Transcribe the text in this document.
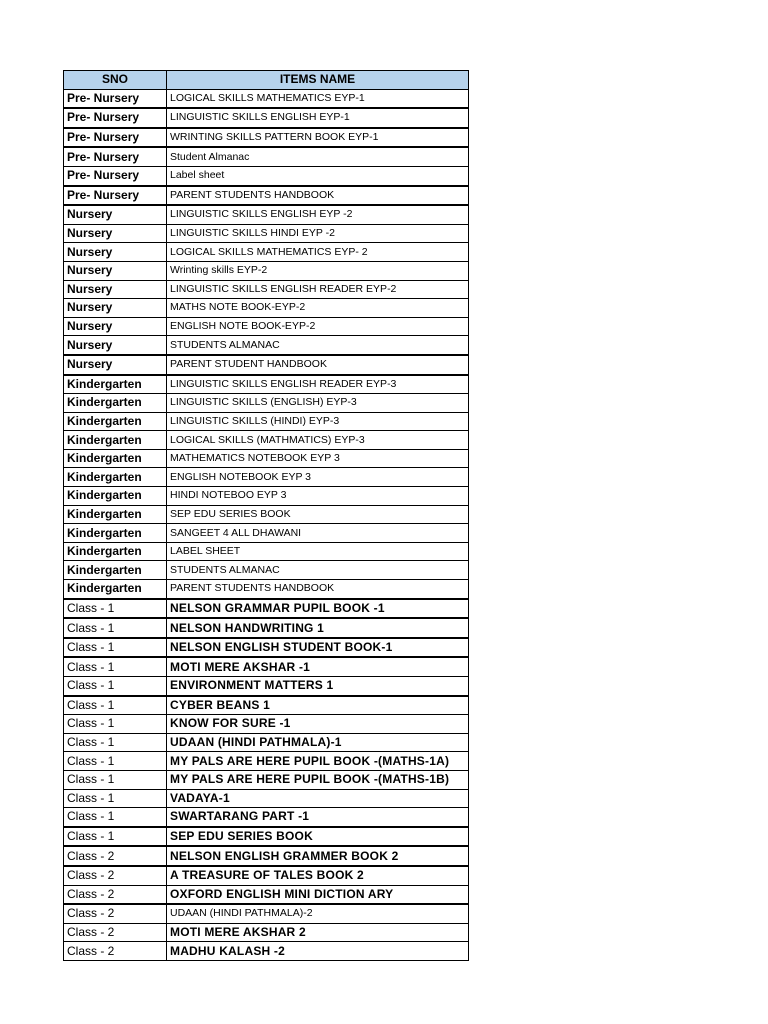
SNO	ITEMS NAME
Pre- Nursery	LOGICAL SKILLS MATHEMATICS EYP-1
Pre- Nursery	LINGUISTIC SKILLS ENGLISH EYP-1
Pre- Nursery	WRINTING SKILLS PATTERN BOOK EYP-1
Pre- Nursery	Student Almanac
Pre- Nursery	Label sheet
Pre- Nursery	PARENT STUDENTS HANDBOOK
Nursery	LINGUISTIC SKILLS ENGLISH EYP -2
Nursery	LINGUISTIC SKILLS HINDI EYP -2
Nursery	LOGICAL SKILLS MATHEMATICS EYP- 2
Nursery	Wrinting skills EYP-2
Nursery	LINGUISTIC SKILLS ENGLISH READER EYP-2
Nursery	MATHS NOTE BOOK-EYP-2
Nursery	ENGLISH NOTE BOOK-EYP-2
Nursery	STUDENTS ALMANAC
Nursery	PARENT STUDENT HANDBOOK
Kindergarten	LINGUISTIC SKILLS ENGLISH READER EYP-3
Kindergarten	LINGUISTIC SKILLS (ENGLISH) EYP-3
Kindergarten	LINGUISTIC SKILLS (HINDI) EYP-3
Kindergarten	LOGICAL SKILLS (MATHMATICS) EYP-3
Kindergarten	MATHEMATICS NOTEBOOK EYP 3
Kindergarten	ENGLISH NOTEBOOK EYP 3
Kindergarten	HINDI NOTEBOO EYP 3
Kindergarten	SEP EDU SERIES BOOK
Kindergarten	SANGEET 4 ALL DHAWANI
Kindergarten	LABEL SHEET
Kindergarten	STUDENTS ALMANAC
Kindergarten	PARENT STUDENTS HANDBOOK
Class - 1	NELSON GRAMMAR PUPIL BOOK -1
Class - 1	NELSON HANDWRITING 1
Class - 1	NELSON ENGLISH STUDENT BOOK-1
Class - 1	MOTI MERE AKSHAR -1
Class - 1	ENVIRONMENT MATTERS 1
Class - 1	CYBER BEANS 1
Class - 1	KNOW FOR SURE -1
Class - 1	UDAAN (HINDI PATHMALA)-1
Class - 1	MY PALS ARE HERE PUPIL BOOK -(MATHS-1A)
Class - 1	MY PALS ARE HERE PUPIL BOOK -(MATHS-1B)
Class - 1	VADAYA-1
Class - 1	SWARTARANG PART -1
Class - 1	SEP EDU SERIES BOOK
Class - 2	NELSON ENGLISH GRAMMER BOOK 2
Class - 2	A TREASURE OF TALES BOOK 2
Class - 2	OXFORD ENGLISH MINI DICTION ARY
Class - 2	UDAAN (HINDI PATHMALA)-2
Class - 2	MOTI MERE AKSHAR 2
Class - 2	MADHU KALASH -2
